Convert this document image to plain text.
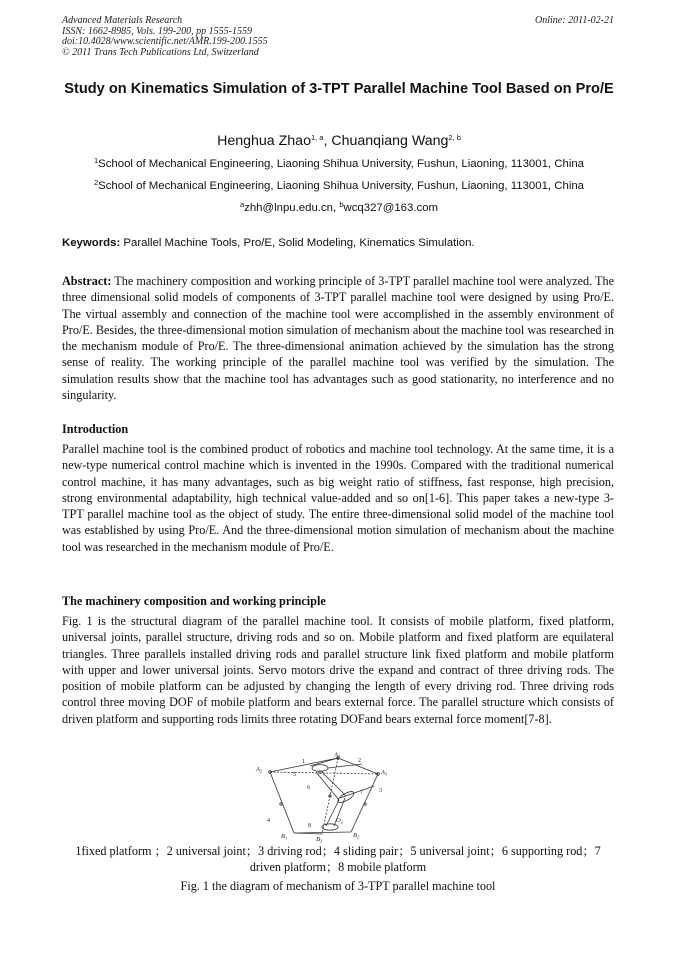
Advanced Materials Research
ISSN: 1662-8985, Vols. 199-200, pp 1555-1559
doi:10.4028/www.scientific.net/AMR.199-200.1555
© 2011 Trans Tech Publications Ltd, Switzerland
Online: 2011-02-21
Study on Kinematics Simulation of 3-TPT Parallel Machine Tool Based on Pro/E
Henghua Zhao$^{1, a}$, Chuanqiang Wang$^{2, b}$
$^1$School of Mechanical Engineering, Liaoning Shihua University, Fushun, Liaoning, 113001, China
$^2$School of Mechanical Engineering, Liaoning Shihua University, Fushun, Liaoning, 113001, China
$^a$zhh@lnpu.edu.cn, $^b$wcq327@163.com
Keywords: Parallel Machine Tools, Pro/E, Solid Modeling, Kinematics Simulation.
Abstract: The machinery composition and working principle of 3-TPT parallel machine tool were analyzed. The three dimensional solid models of components of 3-TPT parallel machine tool were designed by using Pro/E. The virtual assembly and connection of the machine tool were accomplished in the assembly environment of Pro/E. Besides, the three-dimensional motion simulation of mechanism about the machine tool was researched in the mechanism module of Pro/E. The three-dimensional animation achieved by the simulation has the strong sense of reality. The working principle of the parallel machine tool was verified by the simulation. The simulation results show that the machine tool has advantages such as good stationarity, no interference and no singularity.
Introduction
Parallel machine tool is the combined product of robotics and machine tool technology. At the same time, it is a new-type numerical control machine which is invented in the 1990s. Compared with the traditional numerical control machine, it has many advantages, such as big weight ratio of stiffness, fast response, high precision, strong environmental adaptability, high technical value-added and so on[1-6]. This paper takes a new-type 3-TPT parallel machine tool as the object of study. The entire three-dimensional solid model of the machine tool was established by using Pro/E. And the three-dimensional motion simulation of mechanism about the machine tool was researched in the mechanism module of Pro/E.
The machinery composition and working principle
Fig. 1 is the structural diagram of the parallel machine tool. It consists of mobile platform, fixed platform, universal joints, parallel structure, driving rods and so on. Mobile platform and fixed platform are equilateral triangles. Three parallels installed driving rods and parallel structure link fixed platform and mobile platform with upper and lower universal joints. Servo motors drive the expand and contract of three driving rods. The position of mobile platform can be adjusted by changing the length of every driving rod. Three driving rods control three moving DOF of mobile platform and bears external force. The parallel structure which consists of driven platform and supporting rods limits three rotating DOFand bears external force moment[7-8].
$A_1$
$A_2$	$A_3$
$B_1$	$B_2$
$B_3$
$O_1$
$O_2$
1	2
3
4
5
6
7
8
1fixed platform ；2 universal joint；3 driving rod；4 sliding pair；5 universal joint；6 supporting rod；7 driven platform；8 mobile platform
Fig. 1 the diagram of mechanism of 3-TPT parallel machine tool
